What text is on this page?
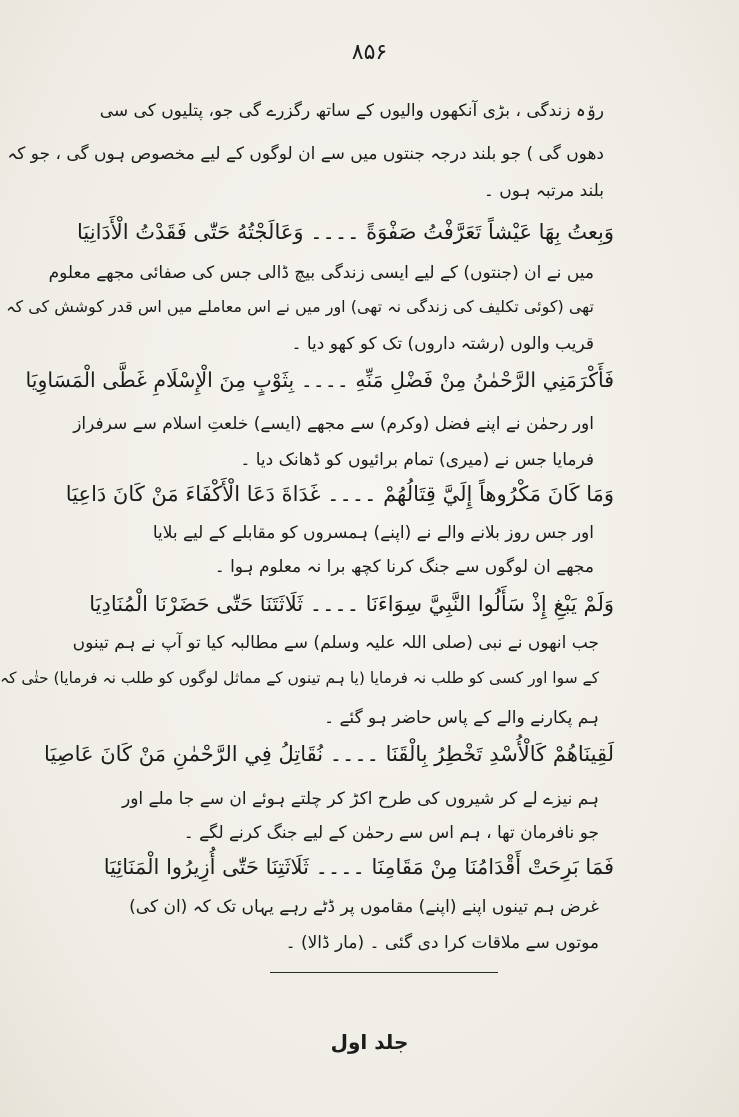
۸۵۶
رو٘ہ زندگی ، بڑی آنکھوں والیوں کے ساتھ رگزرے گی جو، پتلیوں کی سی
دھوں گی ) جو بلند درجہ جنتوں میں سے ان لوگوں کے لیے مخصوص ہوں گی ، جو کہ
بلند مرتبہ ہوں ۔
وَبِعتُ بِهَا عَيْشاً تَعَرَّفْتُ صَفْوَةً ۔۔۔۔ وَعَالَجْتُهُ حَتّٰى فَقَدْتُ الْأَدَانِيَا
میں نے ان (جنتوں) کے لیے ایسی زندگی بیچ ڈالی جس کی صفائی مجھے معلوم
تھی (کوئی تکلیف کی زندگی نہ تھی) اور میں نے اس معاملے میں اس قدر کوشش کی کہ
قریب والوں (رشتہ داروں) تک کو کھو دیا ۔
فَأَكْرَمَنِي الرَّحْمٰنُ مِنْ فَضْلِ مَنِّهِ ۔۔۔۔ بِثَوْبٍ مِنَ الْإِسْلَامِ غَطَّى الْمَسَاوِيَا
اور رحمٰن نے اپنے فضل (وکرم) سے مجھے (ایسے) خلعتِ اسلام سے سرفراز
فرمایا جس نے (میری) تمام برائیوں کو ڈھانک دیا ۔
وَمَا كَانَ مَكْرُوهاً إِلَيَّ قِتَالُهُمْ ۔۔۔۔ غَدَاةَ دَعَا الْأَكْفَاءَ مَنْ كَانَ دَاعِيَا
اور جس روز بلانے والے نے (اپنے) ہمسروں کو مقابلے کے لیے بلایا
مجھے ان لوگوں سے جنگ کرنا کچھ برا نہ معلوم ہوا ۔
وَلَمْ يَبْغِ إِذْ سَأَلُوا النَّبِيَّ سِوَاءَنَا ۔۔۔۔ ثَلَاثَتَنَا حَتّٰى حَضَرْنَا الْمُنَادِيَا
جب انھوں نے نبی (صلی اللہ علیہ وسلم) سے مطالبہ کیا تو آپ نے ہم تینوں
کے سوا اور کسی کو طلب نہ فرمایا (یا ہم تینوں کے مماثل لوگوں کو طلب نہ فرمایا) حتٰی کہ
ہم پکارنے والے کے پاس حاضر ہو گئے ۔
لَقِينَاهُمْ كَالْأُسْدِ تَخْطِرُ بِالْقَنَا ۔۔۔۔ نُقَاتِلُ فِي الرَّحْمٰنِ مَنْ كَانَ عَاصِيَا
ہم نیزے لے کر شیروں کی طرح اکڑ کر چلتے ہوئے ان سے جا ملے اور
جو نافرمان تھا ، ہم اس سے رحمٰن کے لیے جنگ کرنے لگے ۔
فَمَا بَرِحَتْ أَقْدَامُنَا مِنْ مَقَامِنَا ۔۔۔۔ ثَلَاثَتِنَا حَتّٰى أُزِيرُوا الْمَنَائِيَا
غرض ہم تینوں اپنے (اپنے) مقاموں پر ڈٹے رہے یہاں تک کہ (ان کی)
موتوں سے ملاقات کرا دی گئی ۔ (مار ڈالا) ۔
جلد اول
